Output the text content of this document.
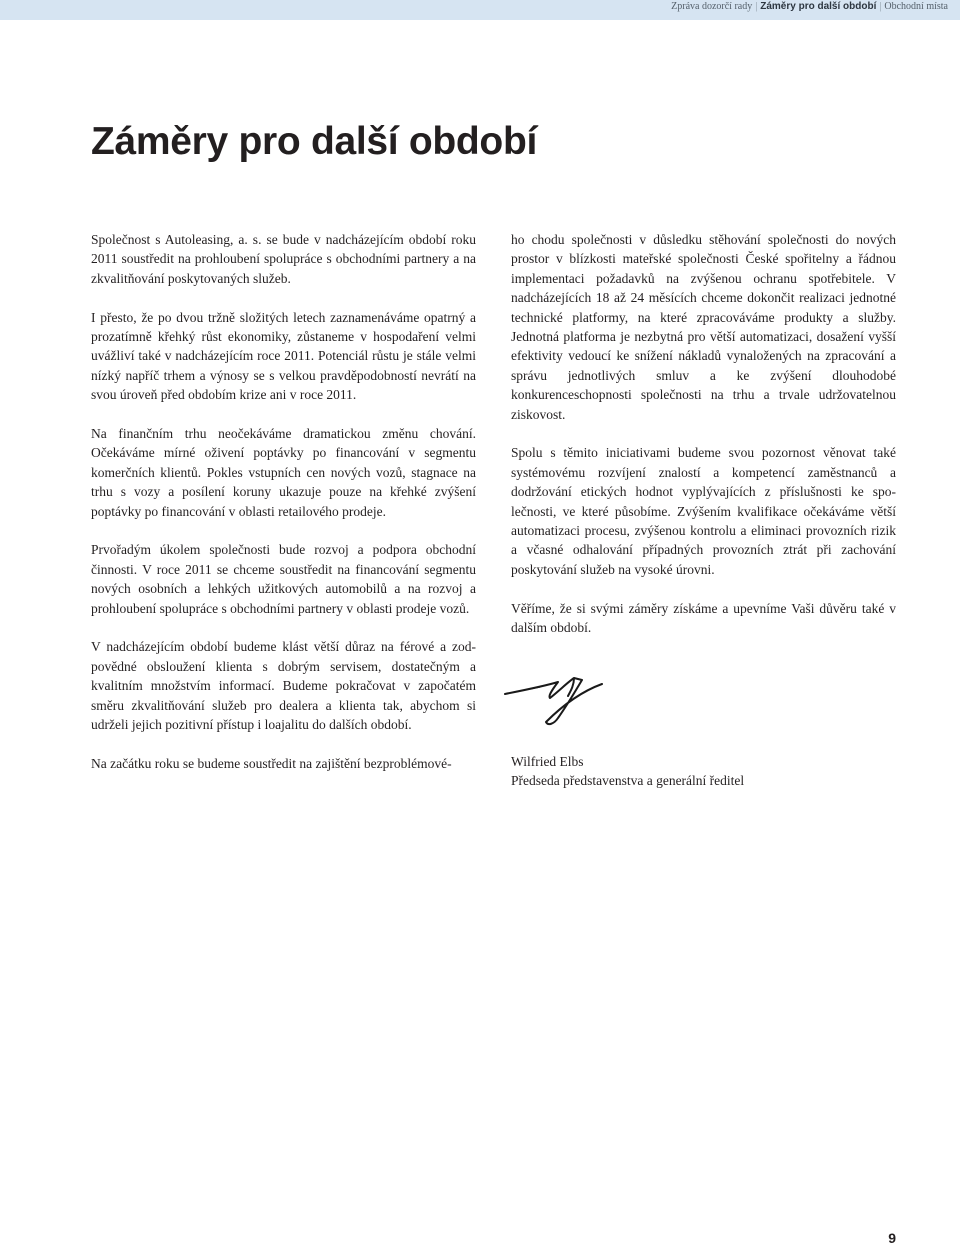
Zpráva dozorčí rady | Záměry pro další období | Obchodní místa
Záměry pro další období

Společnost s Autoleasing, a. s. se bude v nadcházejícím období roku 2011 soustředit na prohloubení spolupráce s obchodními partnery a na zkvalitňování poskytovaných služeb.

I přesto, že po dvou tržně složitých letech zaznamenáváme opatrný a prozatímně křehký růst ekonomiky, zůstaneme v hospodaření velmi uvážliví také v nadcházejícím roce 2011. Potenciál růstu je stále velmi nízký napříč trhem a výnosy se s velkou pravděpodobností nevrátí na svou úroveň před obdobím krize ani v roce 2011.

Na finančním trhu neočekáváme dramatickou změnu chování. Očekáváme mírné oživení poptávky po financování v segmentu komerčních klientů. Pokles vstupních cen nových vozů, stagnace na trhu s vozy a posílení koruny ukazuje pouze na křehké zvýšení poptávky po financování v oblasti retailového prodeje.

Prvořadým úkolem společnosti bude rozvoj a podpora obchodní činnosti. V roce 2011 se chceme soustředit na financování segmentu nových osobních a lehkých užitkových automobilů a na rozvoj a prohloubení spolupráce s obchodními partnery v oblasti prodeje vozů.

V nadcházejícím období budeme klást větší důraz na férové a zodpovědné obsloužení klienta s dobrým servisem, dostatečným a kvalitním množstvím informací. Budeme pokračovat v započatém směru zkvalitňování služeb pro dealera a klienta tak, abychom si udrželi jejich pozitivní přístup i loajalitu do dalších období.

Na začátku roku se budeme soustředit na zajištění bezproblémové-

ho chodu společnosti v důsledku stěhování společnosti do nových prostor v blízkosti mateřské společnosti České spořitelny a řádnou implementaci požadavků na zvýšenou ochranu spotřebitele. V nadcházejících 18 až 24 měsících chceme dokončit realizaci jednotné technické platformy, na které zpracováváme produkty a služby. Jednotná platforma je nezbytná pro větší automatizaci, dosažení vyšší efektivity vedoucí ke snížení nákladů vynaložených na zpracování a správu jednotlivých smluv a ke zvýšení dlouhodobé konkurenceschopnosti společnosti na trhu a trvale udržovatelnou ziskovost.

Spolu s těmito iniciativami budeme svou pozornost věnovat také systémovému rozvíjení znalostí a kompetencí zaměstnanců a dodržování etických hodnot vyplývajících z příslušnosti ke společnosti, ve které působíme. Zvýšením kvalifikace očekáváme větší automatizaci procesu, zvýšenou kontrolu a eliminaci provozních rizik a včasné odhalování případných provozních ztrát při zachování poskytování služeb na vysoké úrovni.

Věříme, že si svými záměry získáme a upevníme Vaši důvěru také v dalším období.

Wilfried Elbs
Předseda představenstva a generální ředitel
9
